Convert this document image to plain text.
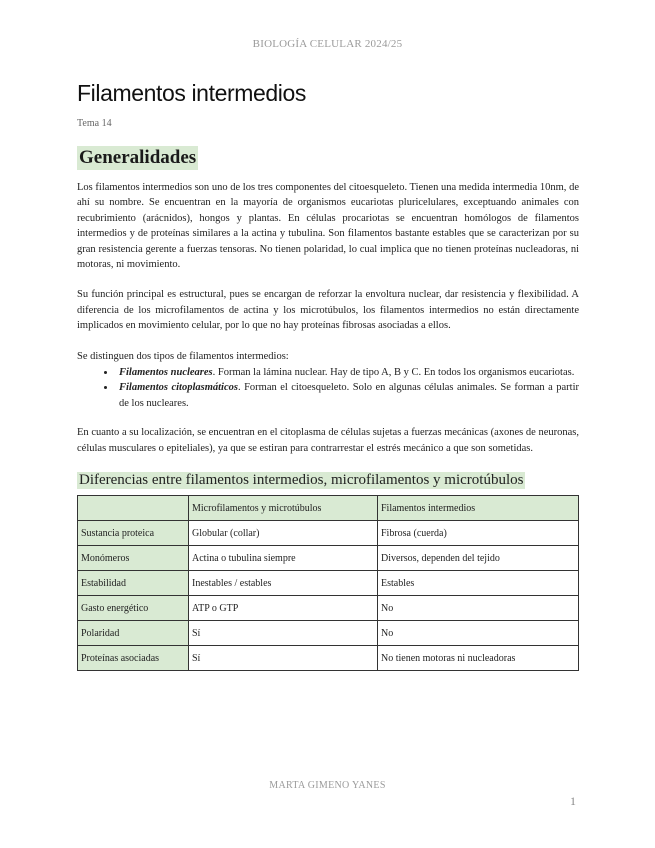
BIOLOGÍA CELULAR 2024/25
Filamentos intermedios
Tema 14
Generalidades

Los filamentos intermedios son uno de los tres componentes del citoesqueleto. Tienen una medida intermedia 10nm, de ahí su nombre. Se encuentran en la mayoría de organismos eucariotas pluricelulares, exceptuando animales con recubrimiento (arácnidos), hongos y plantas. En células procariotas se encuentran homólogos de filamentos intermedios y de proteínas similares a la actina y tubulina. Son filamentos bastante estables que se caracterizan por su gran resistencia gerente a fuerzas tensoras. No tienen polaridad, lo cual implica que no tienen proteínas nucleadoras, ni motoras, ni movimiento.

Su función principal es estructural, pues se encargan de reforzar la envoltura nuclear, dar resistencia y flexibilidad. A diferencia de los microfilamentos de actina y los microtúbulos, los filamentos intermedios no están directamente implicados en movimiento celular, por lo que no hay proteínas fibrosas asociadas a ellos.

Se distinguen dos tipos de filamentos intermedios:

• Filamentos nucleares. Forman la lámina nuclear. Hay de tipo A, B y C. En todos los organismos eucariotas.
• Filamentos citoplasmáticos. Forman el citoesqueleto. Solo en algunas células animales. Se forman a partir de los nucleares.

En cuanto a su localización, se encuentran en el citoplasma de células sujetas a fuerzas mecánicas (axones de neuronas, células musculares o epiteliales), ya que se estiran para contrarrestar el estrés mecánico a que son sometidas.

Diferencias entre filamentos intermedios, microfilamentos y microtúbulos
	Microfilamentos y microtúbulos	Filamentos intermedios
Sustancia proteica	Globular (collar)	Fibrosa (cuerda)
Monómeros	Actina o tubulina siempre	Diversos, dependen del tejido
Estabilidad	Inestables / estables	Estables
Gasto energético	ATP o GTP	No
Polaridad	Sí	No
Proteínas asociadas	Sí	No tienen motoras ni nucleadoras
MARTA GIMENO YANES
1
